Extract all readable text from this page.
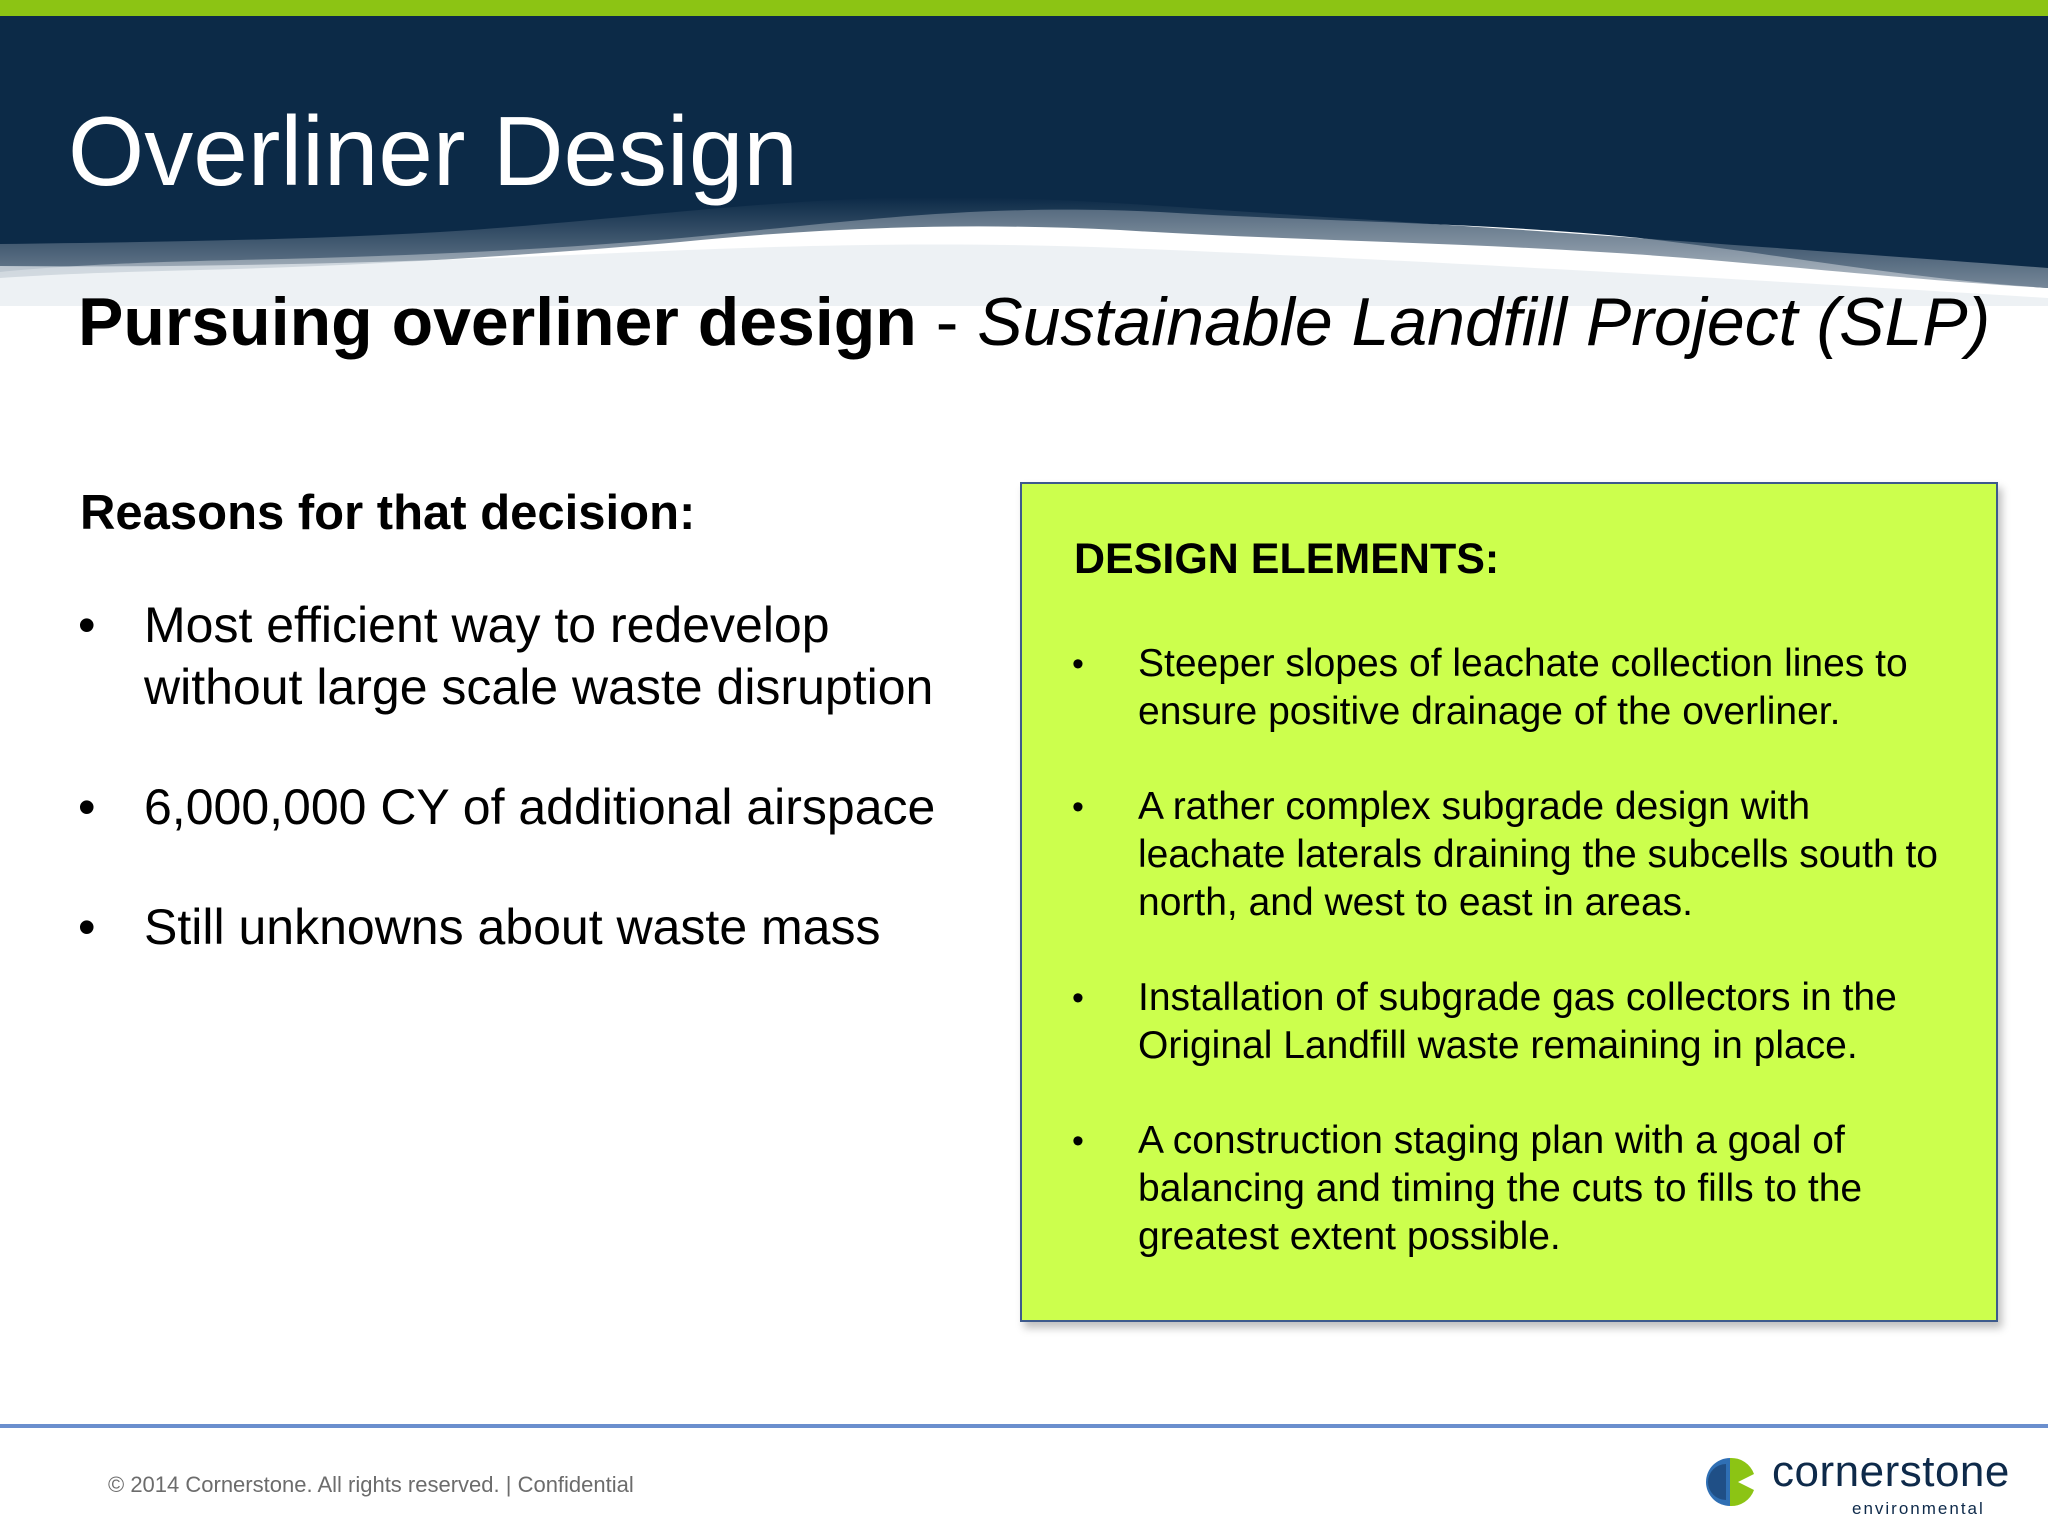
Overliner Design

Pursuing overliner design - Sustainable Landfill Project (SLP)

Reasons for that decision:
• Most efficient way to redevelop without large scale waste disruption
• 6,000,000 CY of additional airspace
• Still unknowns about waste mass
DESIGN ELEMENTS:
• Steeper slopes of leachate collection lines to ensure positive drainage of the overliner.
• A rather complex subgrade design with leachate laterals draining the subcells south to north, and west to east in areas.
• Installation of subgrade gas collectors in the Original Landfill waste remaining in place.
• A construction staging plan with a goal of balancing and timing the cuts to fills to the greatest extent possible.

© 2014 Cornerstone. All rights reserved. | Confidential	cornerstone
environmental
